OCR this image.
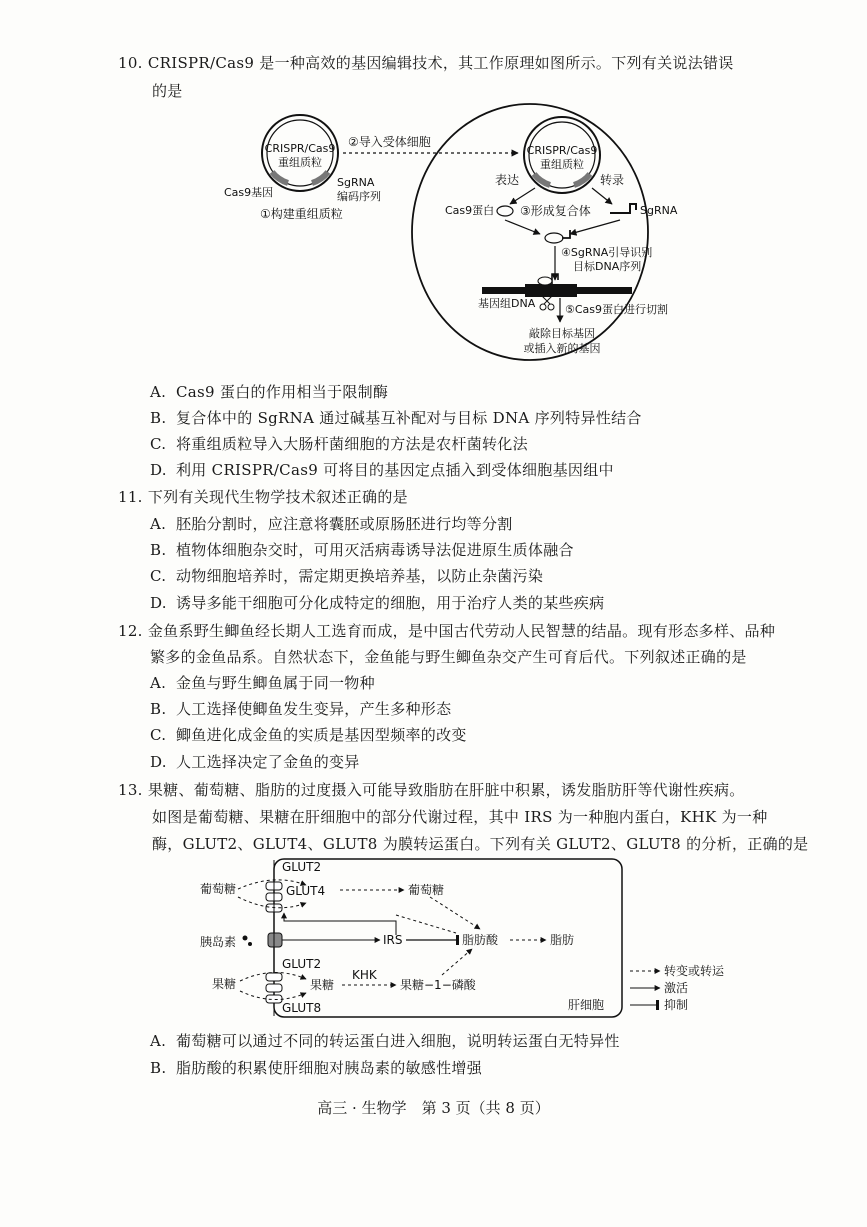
10. CRISPR/Cas9 是一种高效的基因编辑技术，其工作原理如图所示。下列有关说法错误
的是
CRISPR/Cas9
重组质粒
Cas9基因
SgRNA
编码序列
①构建重组质粒
②导入受体细胞
CRISPR/Cas9
重组质粒
表达	转录
Cas9蛋白 ③形成复合体	SgRNA
④SgRNA引导识别
目标DNA序列
基因组DNA	⑤Cas9蛋白进行切割
敲除目标基因
或插入新的基因
A. Cas9 蛋白的作用相当于限制酶
B. 复合体中的 SgRNA 通过碱基互补配对与目标 DNA 序列特异性结合
C. 将重组质粒导入大肠杆菌细胞的方法是农杆菌转化法
D. 利用 CRISPR/Cas9 可将目的基因定点插入到受体细胞基因组中
11. 下列有关现代生物学技术叙述正确的是
A. 胚胎分割时，应注意将囊胚或原肠胚进行均等分割
B. 植物体细胞杂交时，可用灭活病毒诱导法促进原生质体融合
C. 动物细胞培养时，需定期更换培养基，以防止杂菌污染
D. 诱导多能干细胞可分化成特定的细胞，用于治疗人类的某些疾病
12. 金鱼系野生鲫鱼经长期人工选育而成，是中国古代劳动人民智慧的结晶。现有形态多样、品种
繁多的金鱼品系。自然状态下，金鱼能与野生鲫鱼杂交产生可育后代。下列叙述正确的是
A. 金鱼与野生鲫鱼属于同一物种
B. 人工选择使鲫鱼发生变异，产生多种形态
C. 鲫鱼进化成金鱼的实质是基因型频率的改变
D. 人工选择决定了金鱼的变异
13. 果糖、葡萄糖、脂肪的过度摄入可能导致脂肪在肝脏中积累，诱发脂肪肝等代谢性疾病。
如图是葡萄糖、果糖在肝细胞中的部分代谢过程，其中 IRS 为一种胞内蛋白，KHK 为一种
酶，GLUT2、GLUT4、GLUT8 为膜转运蛋白。下列有关 GLUT2、GLUT8 的分析，正确的是
GLUT2
GLUT4
葡萄糖	葡萄糖
胰岛素	IRS	脂肪酸	脂肪
GLUT2
果糖	果糖
KHK
果糖−1−磷酸
GLUT8	肝细胞
转变或转运
激活
抑制
A. 葡萄糖可以通过不同的转运蛋白进入细胞，说明转运蛋白无特异性
B. 脂肪酸的积累使肝细胞对胰岛素的敏感性增强
高三 · 生物学　第 3 页（共 8 页）
